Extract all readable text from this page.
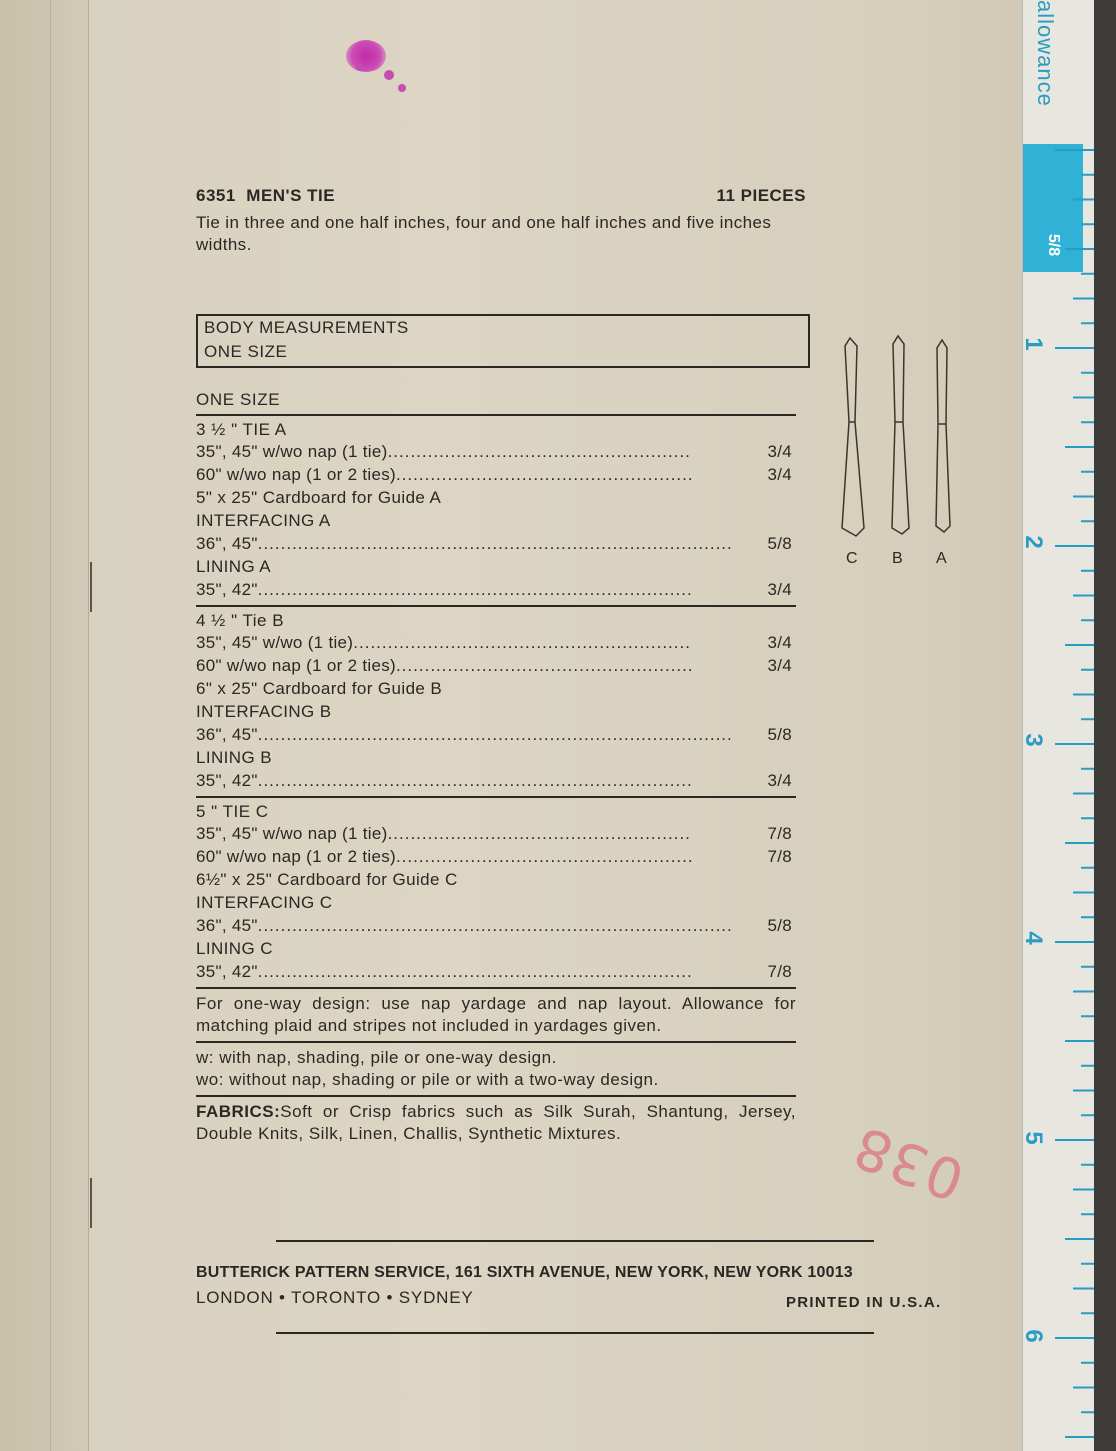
allowance
5/8
1
2
3
4
5
6
6351 MEN'S TIE	11 PIECES
Tie in three and one half inches, four and one half inches and five inches widths.
BODY MEASUREMENTS
ONE SIZE
ONE SIZE
3 ½ " TIE A
35", 45" w/wo nap (1 tie) .....	3/4
60" w/wo nap (1 or 2 ties) .....	3/4
5" x 25" Cardboard for Guide A
INTERFACING A
36", 45" .....	5/8
LINING A
35", 42" .....	3/4
4 ½ " Tie B
35", 45" w/wo (1 tie) .....	3/4
60" w/wo nap (1 or 2 ties) .....	3/4
6" x 25" Cardboard for Guide B
INTERFACING B
36", 45" .....	5/8
LINING B
35", 42" .....	3/4
5 " TIE C
35", 45" w/wo nap (1 tie) .....	7/8
60" w/wo nap (1 or 2 ties) .....	7/8
6½" x 25" Cardboard for Guide C
INTERFACING C
36", 45" .....	5/8
LINING C
35", 42" .....	7/8
For one-way design: use nap yardage and nap layout. Allowance for matching plaid and stripes not included in yardages given.
w: with nap, shading, pile or one-way design.
wo: without nap, shading or pile or with a two-way design.
FABRICS:Soft or Crisp fabrics such as Silk Surah, Shantung, Jersey, Double Knits, Silk, Linen, Challis, Synthetic Mixtures.
C B A
038
BUTTERICK PATTERN SERVICE, 161 SIXTH AVENUE, NEW YORK, NEW YORK 10013
LONDON • TORONTO • SYDNEY	PRINTED IN U.S.A.
